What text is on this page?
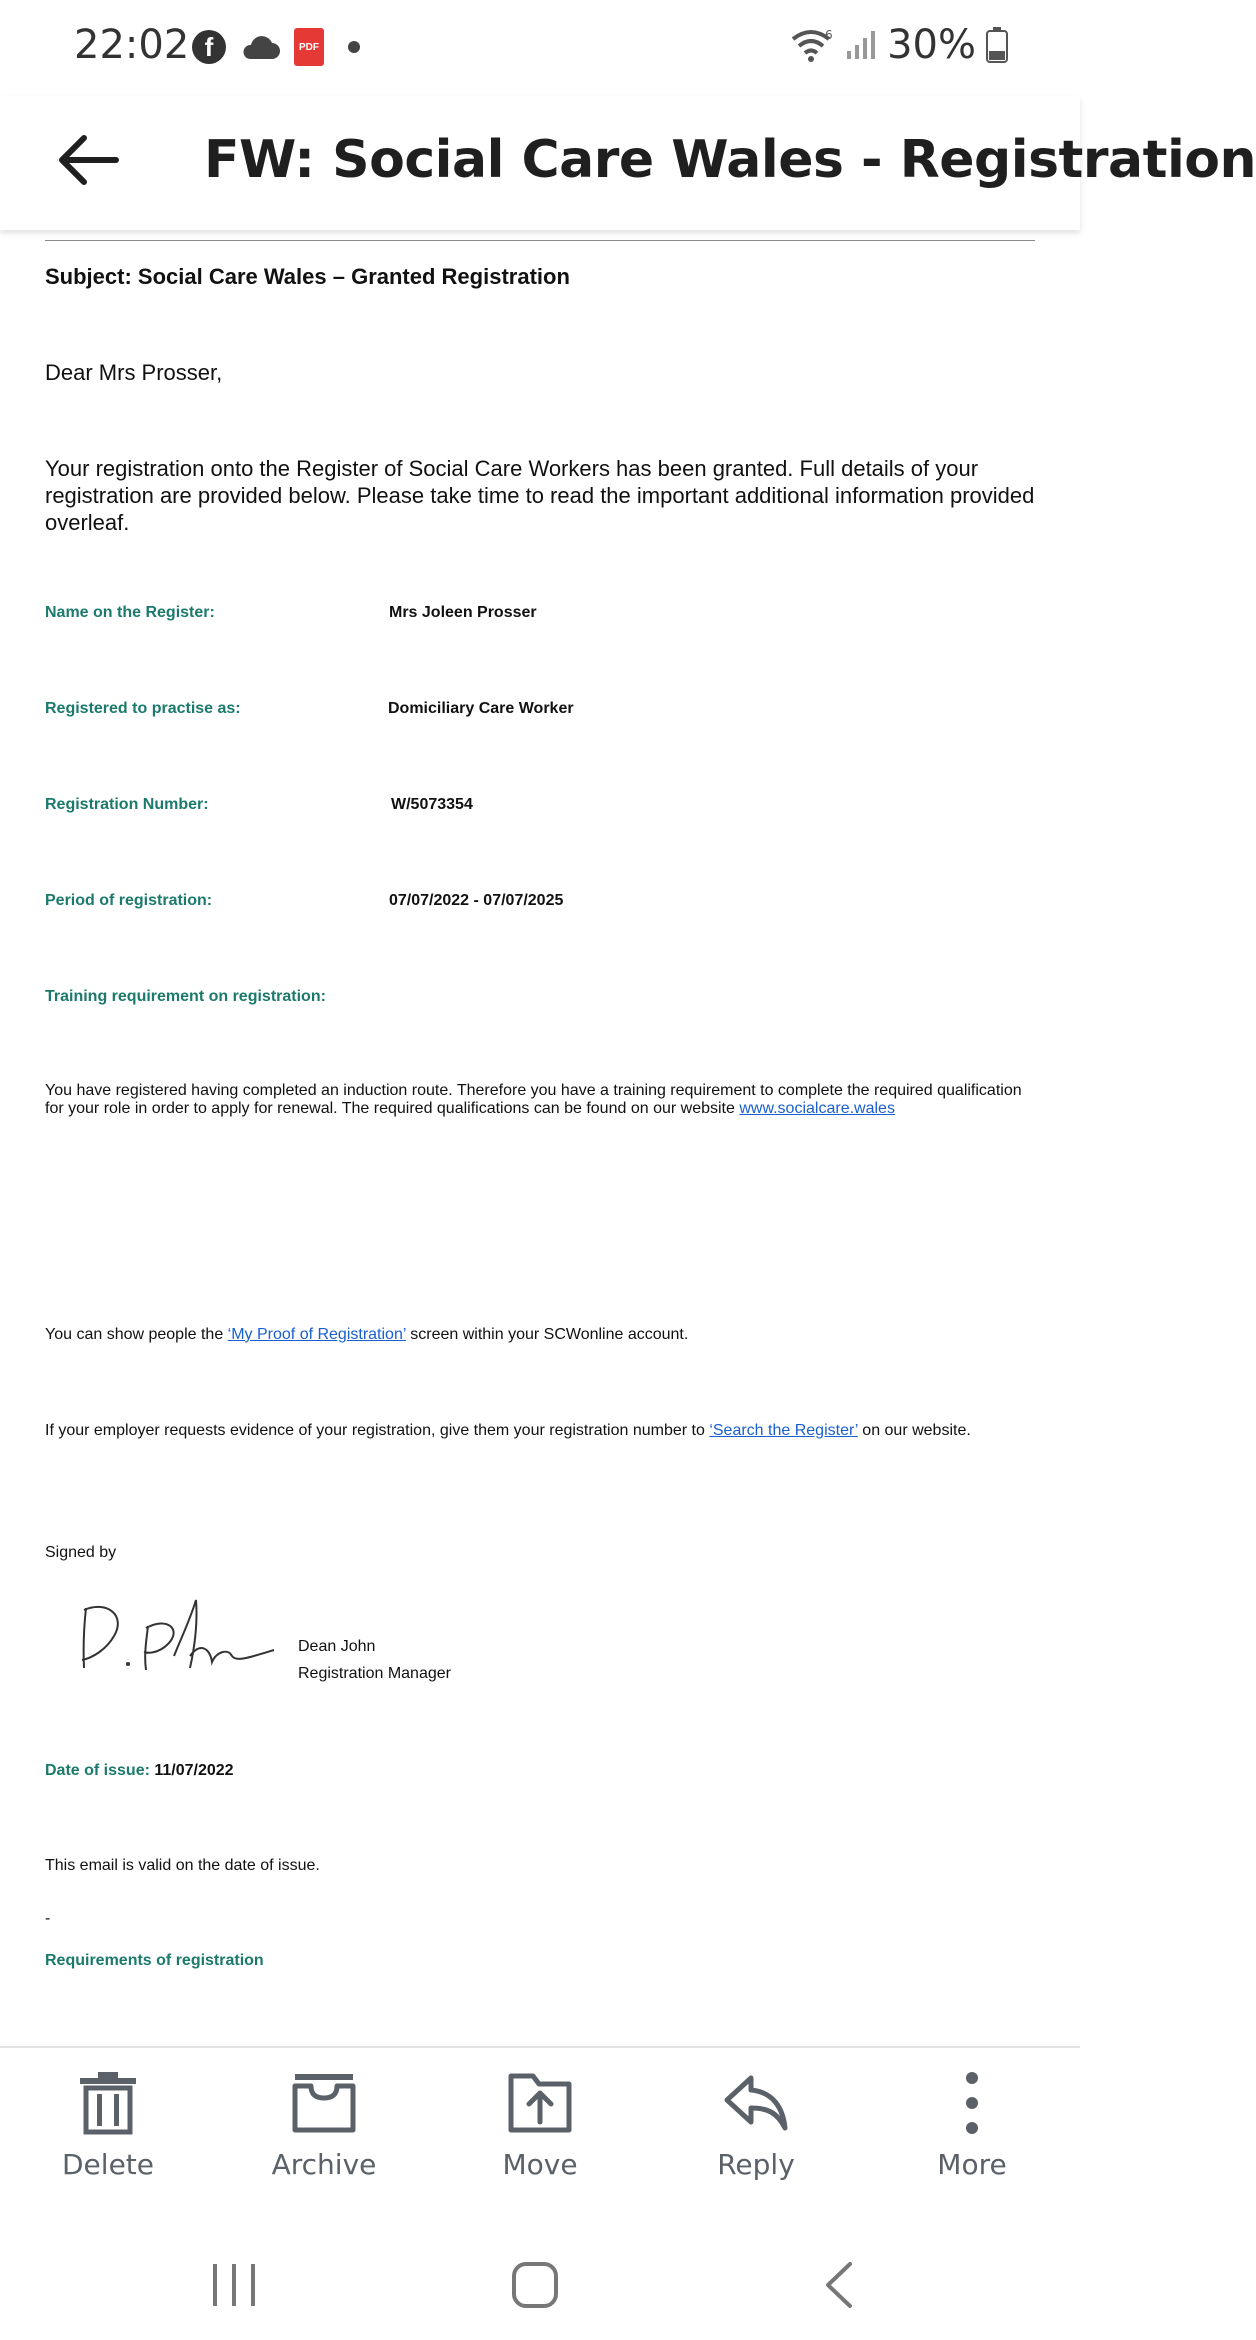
22:02 f	PDF
6 30%
FW: Social Care Wales - Registration
Subject: Social Care Wales – Granted Registration
Dear Mrs Prosser,

Your registration onto the Register of Social Care Workers has been granted. Full details of your registration are provided below. Please take time to read the important additional information provided overleaf.

Name on the Register:	Mrs Joleen Prosser
Registered to practise as:	Domiciliary Care Worker
Registration Number:	W/5073354
Period of registration:	07/07/2022 - 07/07/2025
Training requirement on registration:

You have registered having completed an induction route. Therefore you have a training requirement to complete the required qualification for your role in order to apply for renewal. The required qualifications can be found on our website www.socialcare.wales

You can show people the ‘My Proof of Registration’ screen within your SCWonline account.

If your employer requests evidence of your registration, give them your registration number to ‘Search the Register’ on our website.

Signed by
Dean John
Registration Manager
Date of issue: 11/07/2022
This email is valid on the date of issue.
-
Requirements of registration
Delete	Archive	Move	Reply	More
